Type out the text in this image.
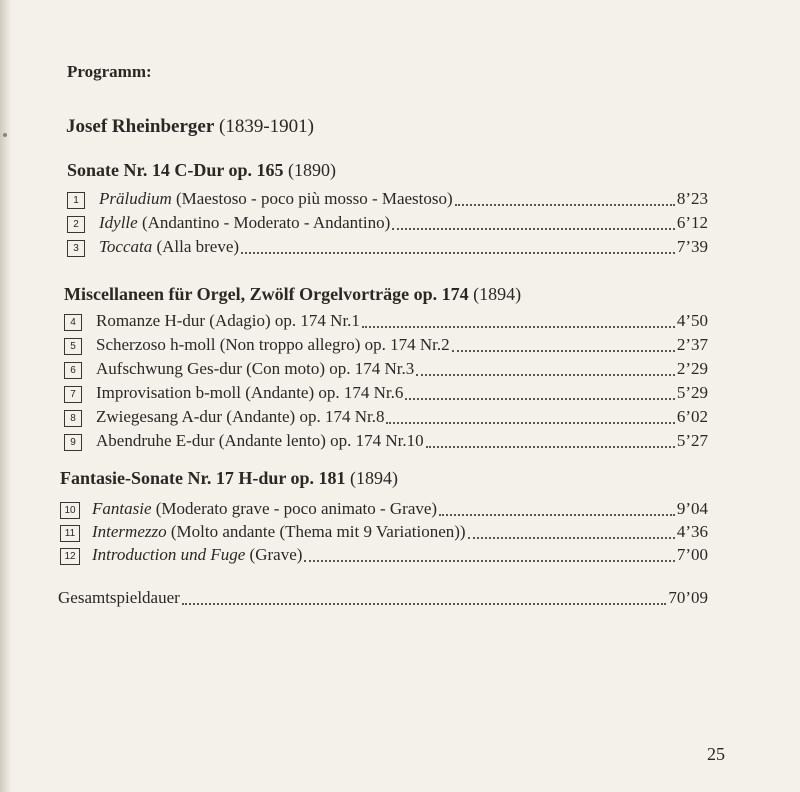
Programm:
Josef Rheinberger (1839-1901)
Sonate Nr. 14 C-Dur op. 165 (1890)
1	Präludium (Maestoso - poco più mosso - Maestoso)	8’23
2	Idylle (Andantino - Moderato - Andantino)	6’12
3	Toccata (Alla breve)	7’39
Miscellaneen für Orgel, Zwölf Orgelvorträge op. 174 (1894)
4	Romanze H-dur (Adagio) op. 174 Nr.1	4’50
5	Scherzoso h-moll (Non troppo allegro) op. 174 Nr.2	2’37
6	Aufschwung Ges-dur (Con moto) op. 174 Nr.3	2’29
7	Improvisation b-moll (Andante) op. 174 Nr.6	5’29
8	Zwiegesang A-dur (Andante) op. 174 Nr.8	6’02
9	Abendruhe E-dur (Andante lento) op. 174 Nr.10	5’27
Fantasie-Sonate Nr. 17 H-dur op. 181 (1894)
10 Fantasie (Moderato grave - poco animato - Grave)	9’04
11 Intermezzo (Molto andante (Thema mit 9 Variationen))	4’36
12 Introduction und Fuge (Grave)	7’00
Gesamtspieldauer	70’09
25
